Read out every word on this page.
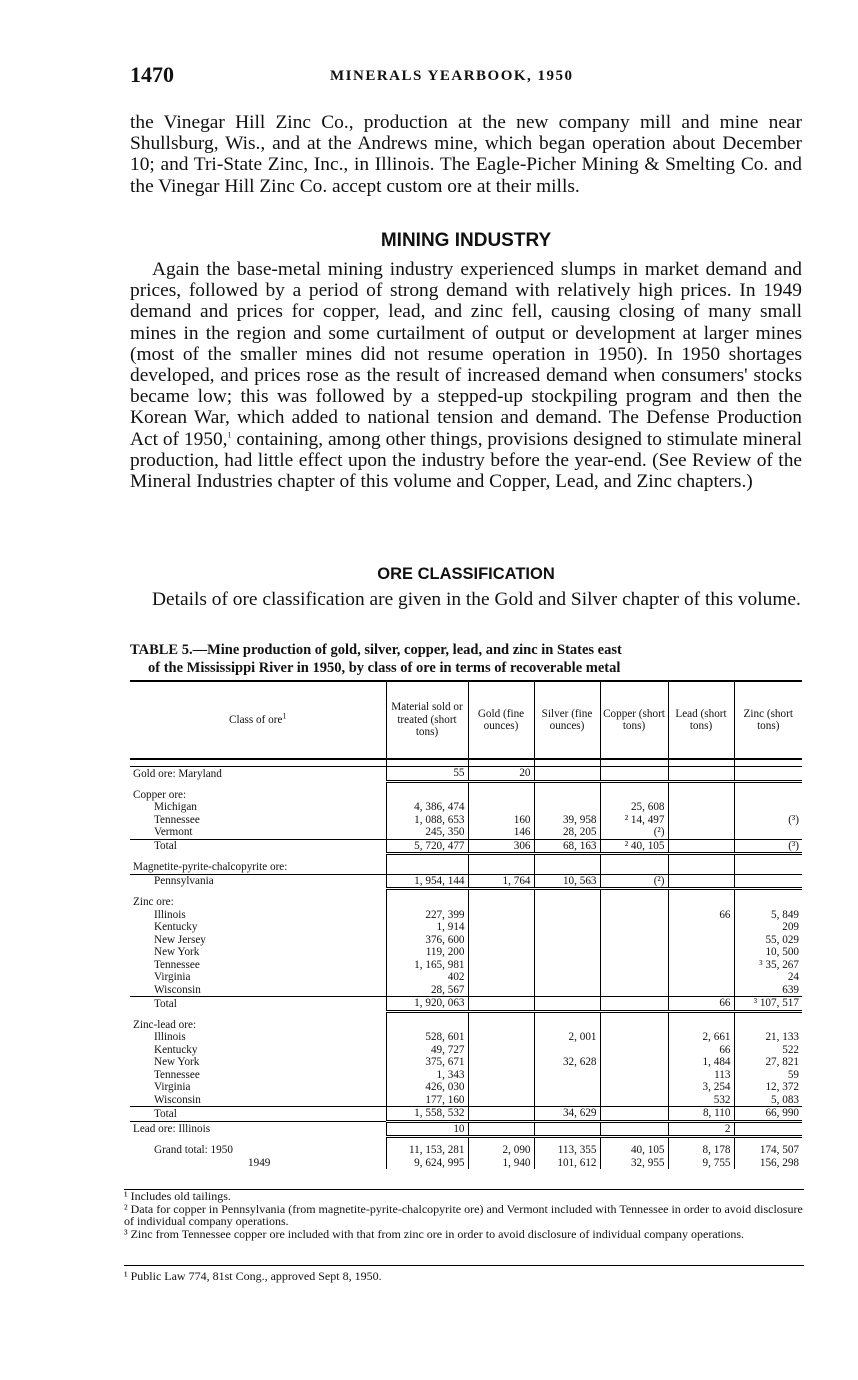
1470	MINERALS YEARBOOK, 1950

the Vinegar Hill Zinc Co., production at the new company mill and mine near Shullsburg, Wis., and at the Andrews mine, which began operation about December 10; and Tri-State Zinc, Inc., in Illinois. The Eagle-Picher Mining & Smelting Co. and the Vinegar Hill Zinc Co. accept custom ore at their mills.

MINING INDUSTRY

Again the base-metal mining industry experienced slumps in market demand and prices, followed by a period of strong demand with relatively high prices. In 1949 demand and prices for copper, lead, and zinc fell, causing closing of many small mines in the region and some curtailment of output or development at larger mines (most of the smaller mines did not resume operation in 1950). In 1950 shortages developed, and prices rose as the result of increased demand when consumers' stocks became low; this was followed by a stepped-up stockpiling program and then the Korean War, which added to national tension and demand. The Defense Production Act of 1950,$^1$ containing, among other things, provisions designed to stimulate mineral production, had little effect upon the industry before the year-end. (See Review of the Mineral Industries chapter of this volume and Copper, Lead, and Zinc chapters.)

ORE CLASSIFICATION

Details of ore classification are given in the Gold and Silver chapter of this volume.

TABLE 5.—Mine production of gold, silver, copper, lead, and zinc in States east
of the Mississippi River in 1950, by class of ore in terms of recoverable metal
Class of ore$^1$	Material sold or treated (short tons)	Gold (fine ounces)	Silver (fine ounces)	Copper (short tons)	Lead (short tons)	Zinc (short tons)

Gold ore: Maryland	55	20				

Copper ore:						
Michigan	4, 386, 474			25, 608		
Tennessee	1, 088, 653	160	39, 958	² 14, 497		(³)
Vermont	245, 350	146	28, 205	(²)		
Total	5, 720, 477	306	68, 163	² 40, 105		(³)

Magnetite-pyrite-chalcopyrite ore:						
Pennsylvania	1, 954, 144	1, 764	10, 563	(²)		

Zinc ore:						
Illinois	227, 399				66	5, 849
Kentucky	1, 914					209
New Jersey	376, 600					55, 029
New York	119, 200					10, 500
Tennessee	1, 165, 981					³ 35, 267
Virginia	402					24
Wisconsin	28, 567					639
Total	1, 920, 063				66	³ 107, 517

Zinc-lead ore:						
Illinois	528, 601		2, 001		2, 661	21, 133
Kentucky	49, 727				66	522
New York	375, 671		32, 628		1, 484	27, 821
Tennessee	1, 343				113	59
Virginia	426, 030				3, 254	12, 372
Wisconsin	177, 160				532	5, 083
Total	1, 558, 532		34, 629		8, 110	66, 990
Lead ore: Illinois	10				2	

Grand total: 1950	11, 153, 281	2, 090	113, 355	40, 105	8, 178	174, 507
1949	9, 624, 995	1, 940	101, 612	32, 955	9, 755	156, 298

¹ Includes old tailings.

² Data for copper in Pennsylvania (from magnetite-pyrite-chalcopyrite ore) and Vermont included with Tennessee in order to avoid disclosure of individual company operations.

³ Zinc from Tennessee copper ore included with that from zinc ore in order to avoid disclosure of individual company operations.

¹ Public Law 774, 81st Cong., approved Sept 8, 1950.
